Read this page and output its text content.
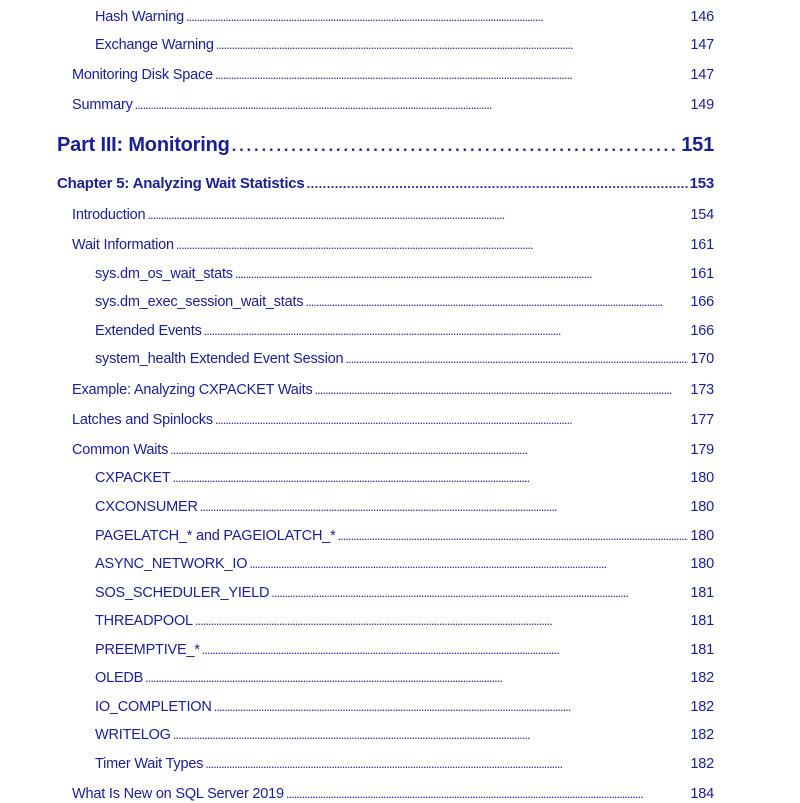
Hash Warning . . .	146
Exchange Warning . . .	147
Monitoring Disk Space . . .	147
Summary . . .	149
Part III: Monitoring . . .	151
Chapter 5: Analyzing Wait Statistics . . .	153
Introduction . . .	154
Wait Information . . .	161
sys.dm_os_wait_stats . . .	161
sys.dm_exec_session_wait_stats . . .	166
Extended Events . . .	166
system_health Extended Event Session . . .	170
Example: Analyzing CXPACKET Waits . . .	173
Latches and Spinlocks . . .	177
Common Waits . . .	179
CXPACKET . . .	180
CXCONSUMER . . .	180
PAGELATCH_* and PAGEIOLATCH_* . . .	180
ASYNC_NETWORK_IO . . .	180
SOS_SCHEDULER_YIELD . . .	181
THREADPOOL . . .	181
PREEMPTIVE_* . . .	181
OLEDB . . .	182
IO_COMPLETION . . .	182
WRITELOG . . .	182
Timer Wait Types . . .	182
What Is New on SQL Server 2019 . . .	184
